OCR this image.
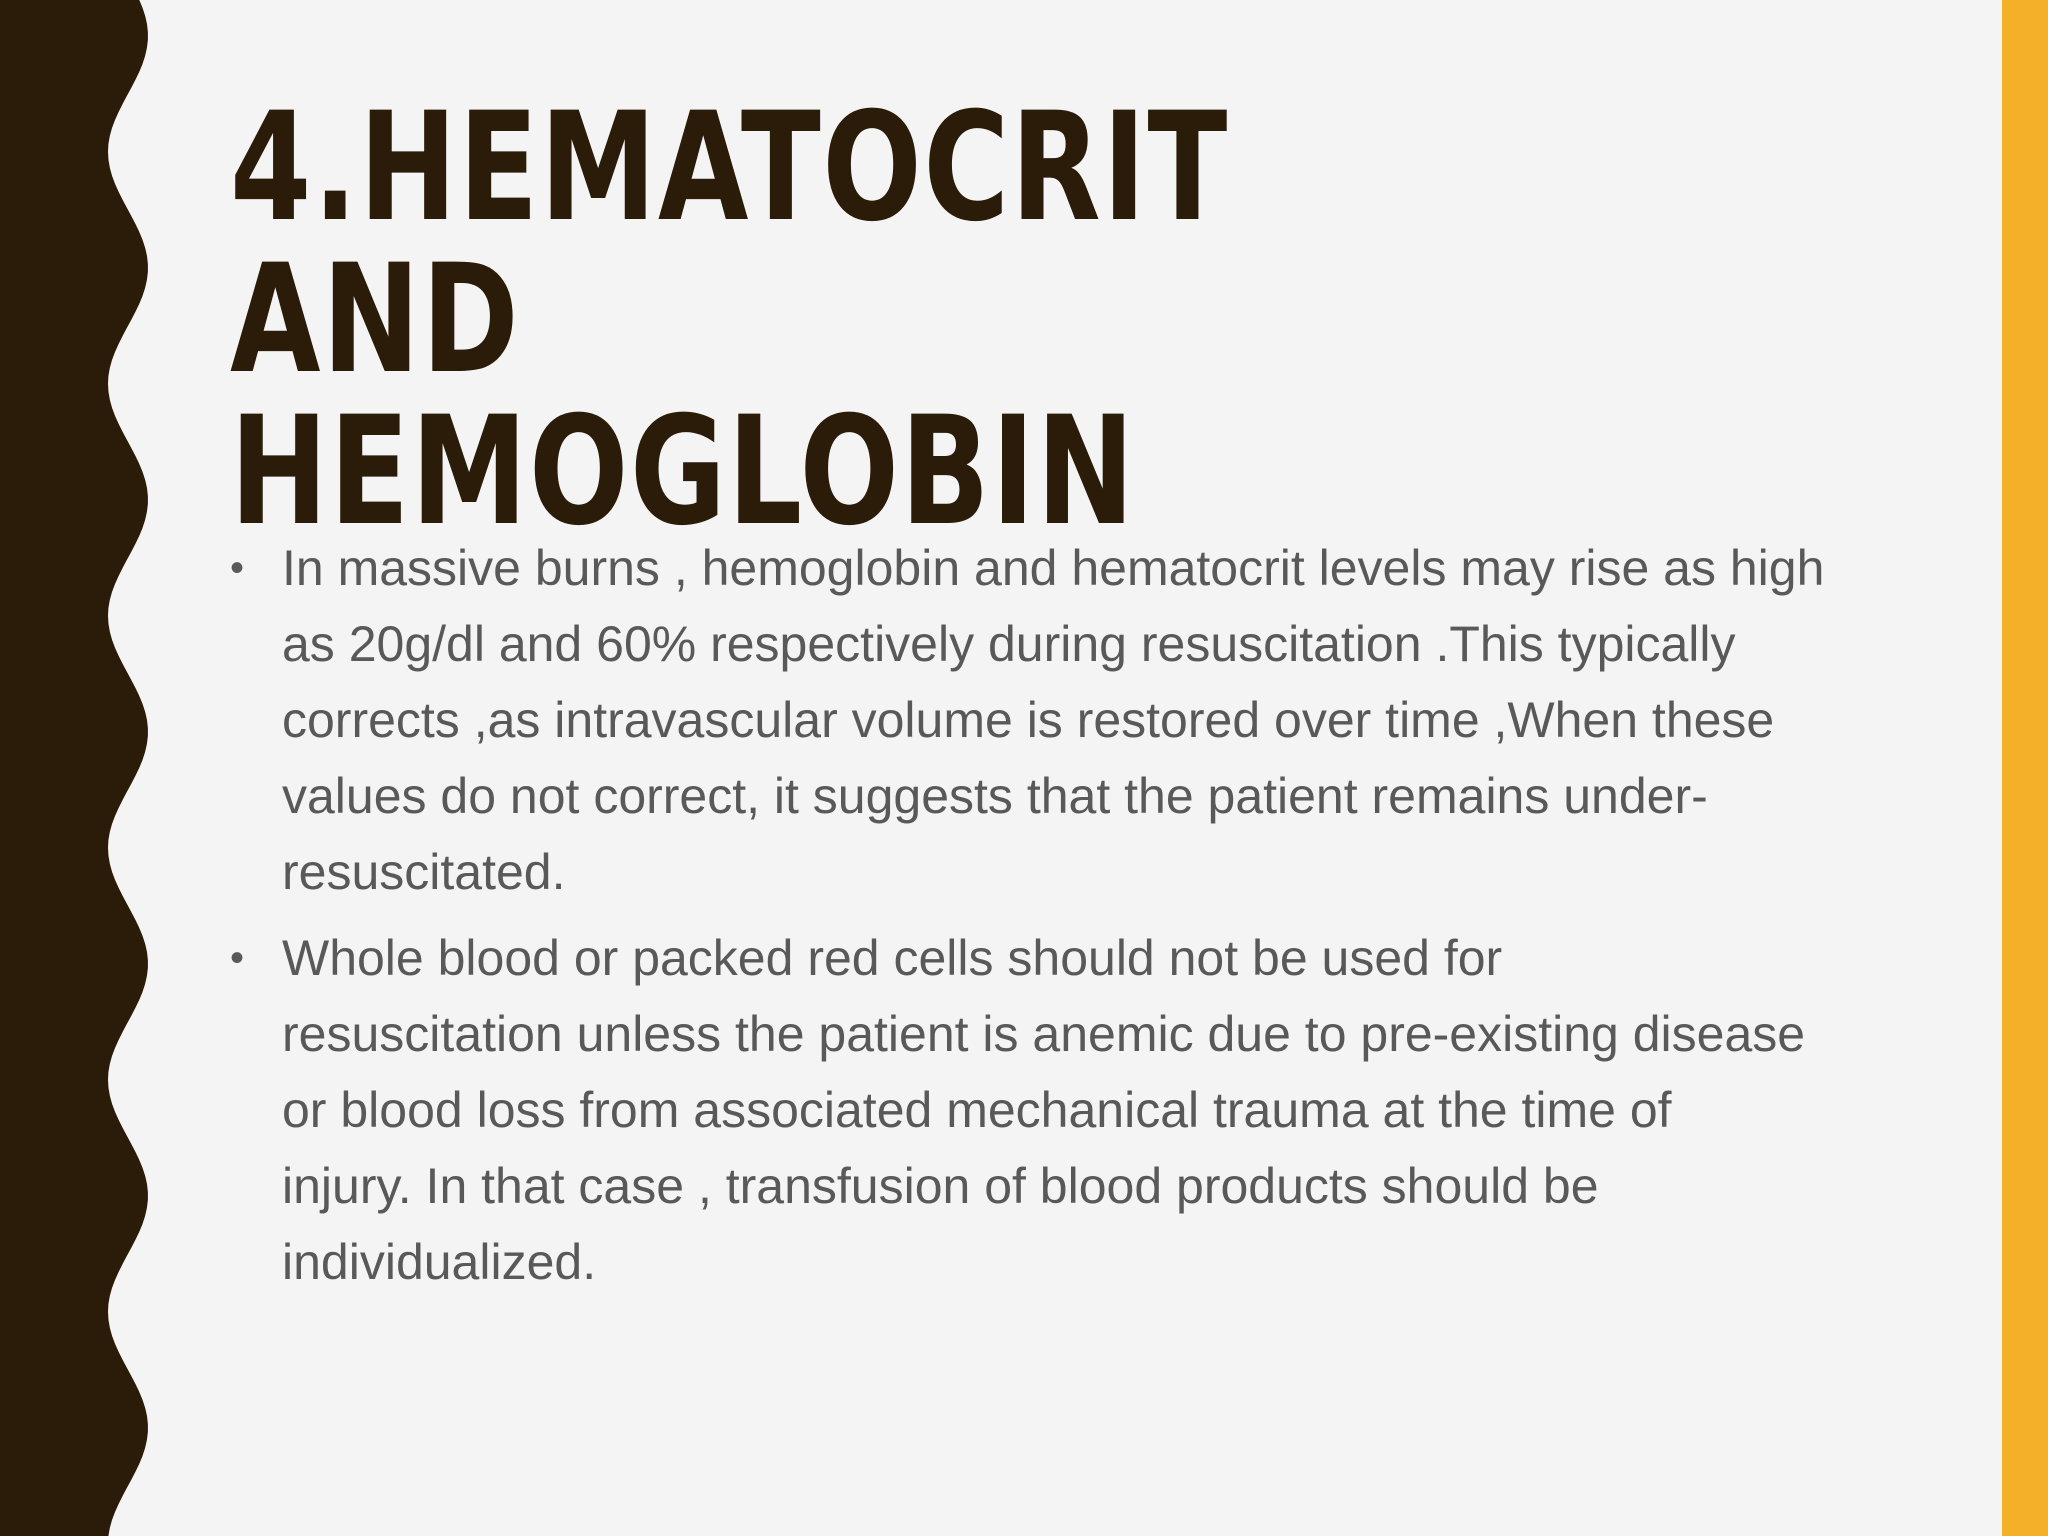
4.HEMATOCRIT AND
HEMOGLOBIN
• In massive burns , hemoglobin and hematocrit levels may rise as high
as 20g/dl and 60% respectively during resuscitation .This typically
corrects ,as intravascular volume is restored over time ,When these
values do not correct, it suggests that the patient remains under-
resuscitated.
• Whole blood or packed red cells should not be used for
resuscitation unless the patient is anemic due to pre-existing disease
or blood loss from associated mechanical trauma at the time of
injury. In that case , transfusion of blood products should be
individualized.
